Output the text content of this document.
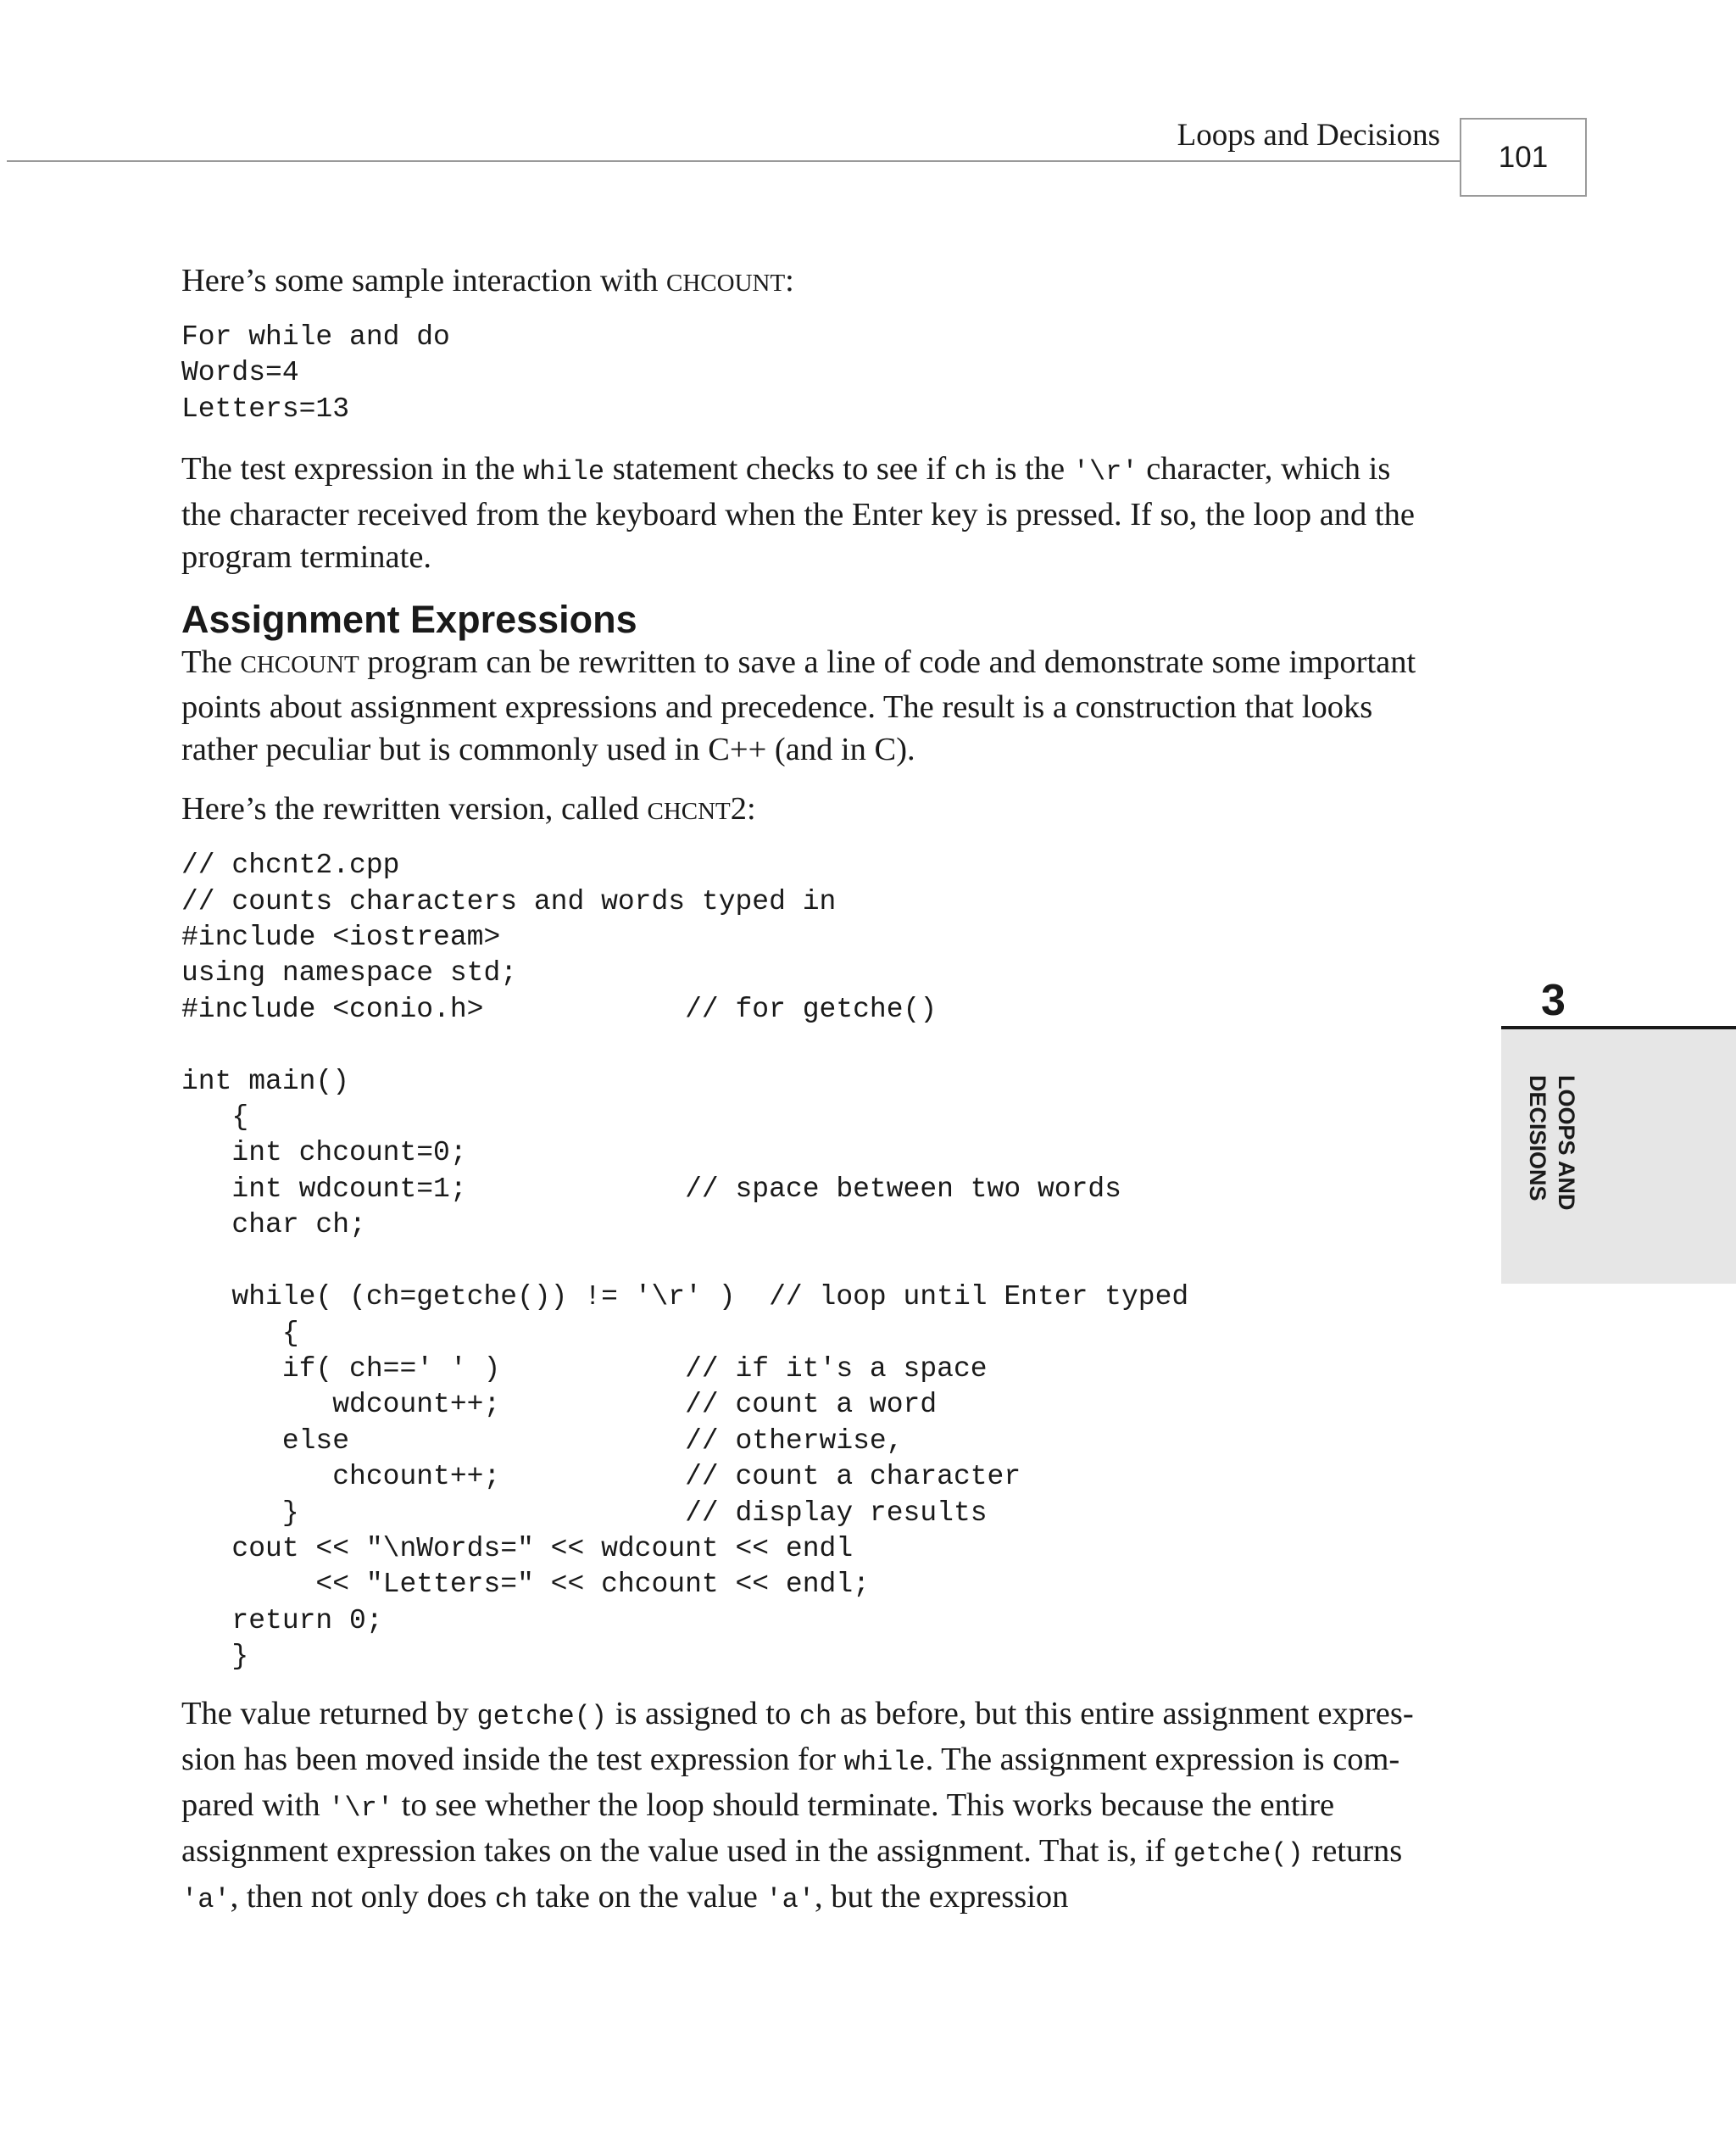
Loops and Decisions
101

Here’s some sample interaction with CHCOUNT:

For while and do
Words=4
Letters=13

The test expression in the while statement checks to see if ch is the '\r' character, which is the character received from the keyboard when the Enter key is pressed. If so, the loop and the program terminate.

Assignment Expressions

The CHCOUNT program can be rewritten to save a line of code and demonstrate some important points about assignment expressions and precedence. The result is a construction that looks rather peculiar but is commonly used in C++ (and in C).

Here’s the rewritten version, called CHCNT2:

// chcnt2.cpp
// counts characters and words typed in
#include <iostream>
using namespace std;
#include <conio.h>            // for getche()

int main()
{
int chcount=0;
int wdcount=1;             // space between two words
char ch;

while( (ch=getche()) != '\r' )  // loop until Enter typed
{
if( ch==' ' )           // if it's a space
wdcount++;           // count a word
else                    // otherwise,
chcount++;           // count a character
}                       // display results
cout << "\nWords=" << wdcount << endl
<< "Letters=" << chcount << endl;
return 0;
}

The value returned by getche() is assigned to ch as before, but this entire assignment expression has been moved inside the test expression for while. The assignment expression is compared with '\r' to see whether the loop should terminate. This works because the entire assignment expression takes on the value used in the assignment. That is, if getche() returns 'a', then not only does ch take on the value 'a', but the expression

3
LOOPS AND
DECISIONS
